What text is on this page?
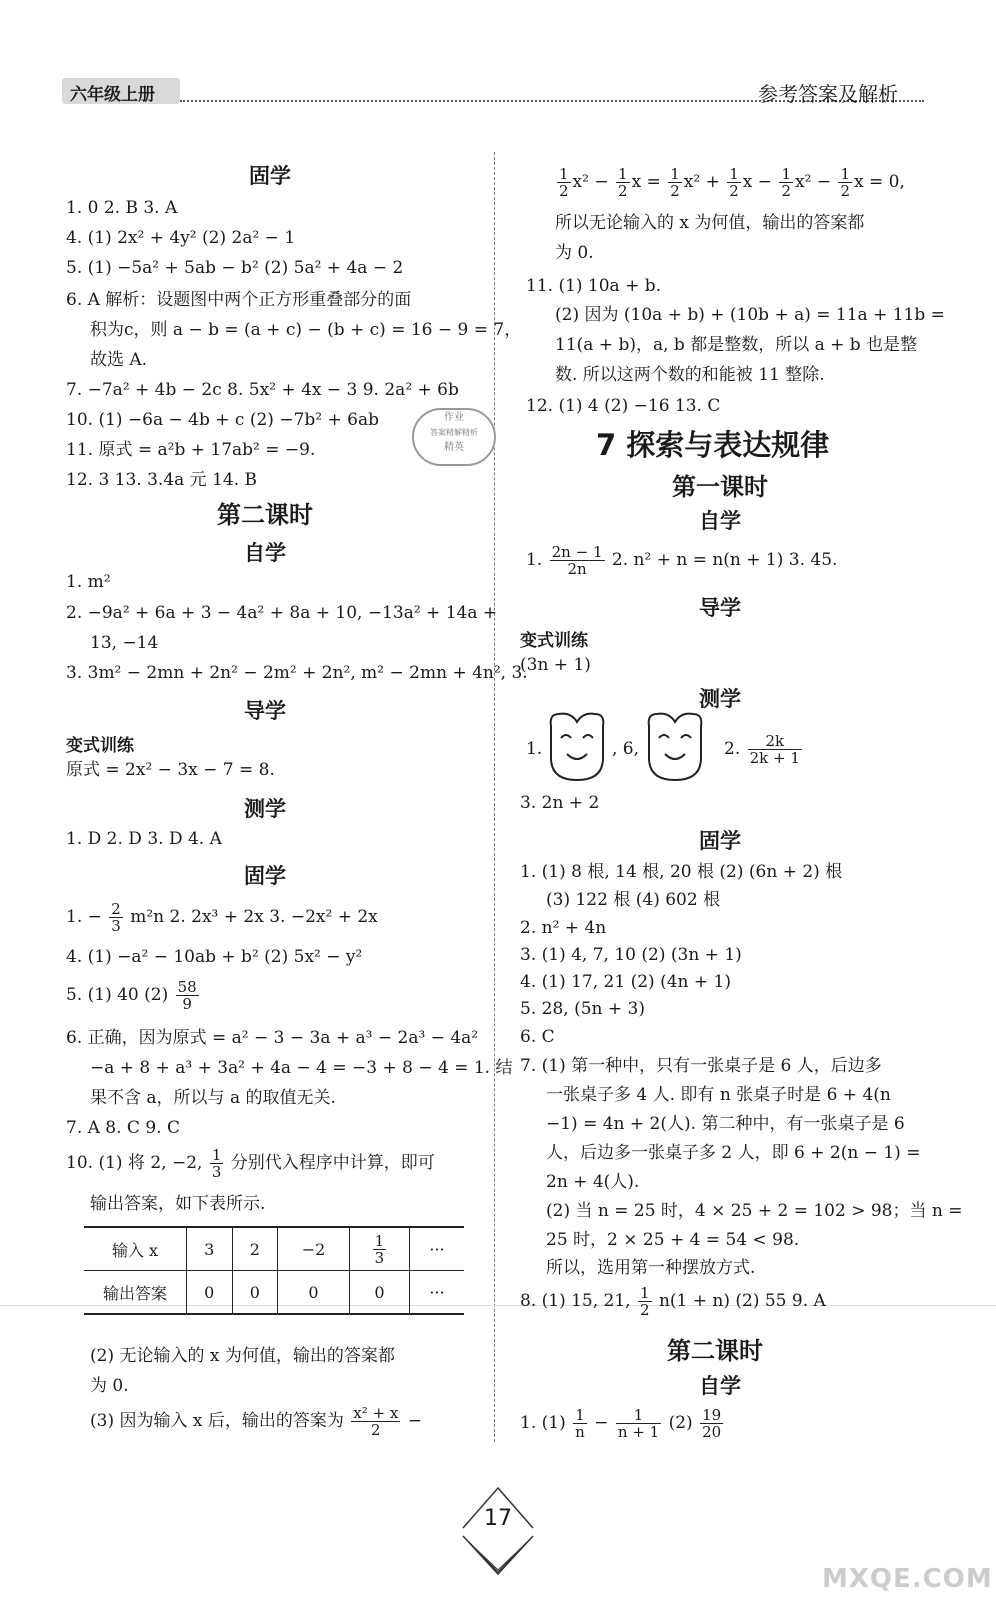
六年级上册	参考答案及解析
固学
1. 0 2. B 3. A
4. (1) 2x² + 4y² (2) 2a² − 1
5. (1) −5a² + 5ab − b² (2) 5a² + 4a − 2
6. A 解析：设题图中两个正方形重叠部分的面
积为c，则 a − b = (a + c) − (b + c) = 16 − 9 = 7，
故选 A.
7. −7a² + 4b − 2c 8. 5x² + 4x − 3 9. 2a² + 6b
10. (1) −6a − 4b + c (2) −7b² + 6ab
11. 原式 = a²b + 17ab² = −9.
12. 3 13. 3.4a 元 14. B
作业
答案精解精析
精英
第二课时
自学
1. m²
2. −9a² + 6a + 3 − 4a² + 8a + 10, −13a² + 14a +
13, −14
3. 3m² − 2mn + 2n² − 2m² + 2n², m² − 2mn + 4n², 3.
导学
变式训练
原式 = 2x² − 3x − 7 = 8.
测学
1. D 2. D 3. D 4. A
固学
1. − $\frac{2}{3} m^2n$ 2. 2x³ + 2x 3. −2x² + 2x
4. (1) −a² − 10ab + b² (2) 5x² − y²
5. (1) 40 $(2) \frac{58}{9}$
6. 正确，因为原式 = a² − 3 − 3a + a³ − 2a³ − 4a²
−a + 8 + a³ + 3a² + 4a − 4 = −3 + 8 − 4 = 1. 结
果不含 a，所以与 a 的取值无关.
7. A 8. C 9. C
10. (1) 将 2, −2, $\frac{1}{3}$ 分别代入程序中计算，即可
输出答案，如下表所示.
输入 x	3	2	−2	$\frac{1}{3}$	···
输出答案	0	0	0	0	···
(2) 无论输入的 x 为何值，输出的答案都
为 0.
(3) 因为输入 x 后，输出的答案为 $\frac{\text{x² + x}}{2}$ −
$\frac{1}{2} x^2 - \frac{1}{2}$ $x = \frac{1}{2} x^2 + \frac{1}{2}$ $x - \frac{1}{2} x^2 - \frac{1}{2}$ x = 0,
所以无论输入的 x 为何值，输出的答案都
为 0.
11. (1) 10a + b.
(2) 因为 (10a + b) + (10b + a) = 11a + 11b =
11(a + b)，a, b 都是整数，所以 a + b 也是整
数. 所以这两个数的和能被 11 整除.
12. (1) 4 (2) −16 13. C
7 探索与表达规律
第一课时
自学
1. $\frac{2n - 1}{2n} 2$. n² + n = n(n + 1) 3. 45.
导学
变式训练
(3n + 1)
测学
1.	, 6,	2. $\frac{2k}{2k + 1}$
3. 2n + 2
固学
1. (1) 8 根, 14 根, 20 根 (2) (6n + 2) 根
(3) 122 根 (4) 602 根
2. n² + 4n
3. (1) 4, 7, 10 (2) (3n + 1)
4. (1) 17, 21 (2) (4n + 1)
5. 28, (5n + 3)
6. C
7. (1) 第一种中，只有一张桌子是 6 人，后边多
一张桌子多 4 人. 即有 n 张桌子时是 6 + 4(n
−1) = 4n + 2(人). 第二种中，有一张桌子是 6
人，后边多一张桌子多 2 人，即 6 + 2(n − 1) =
2n + 4(人).
(2) 当 n = 25 时，4 × 25 + 2 = 102 > 98；当 n =
25 时，2 × 25 + 4 = 54 < 98.
所以，选用第一种摆放方式.
8. (1) 15, 21, $\frac{1}{2} n(1 + n)$ (2) 55 9. A
第二课时
自学
1. $(1) \frac{1}{n} - \frac{1}{n + 1} (2) \frac{19}{20}$
17
MXQE.COM
